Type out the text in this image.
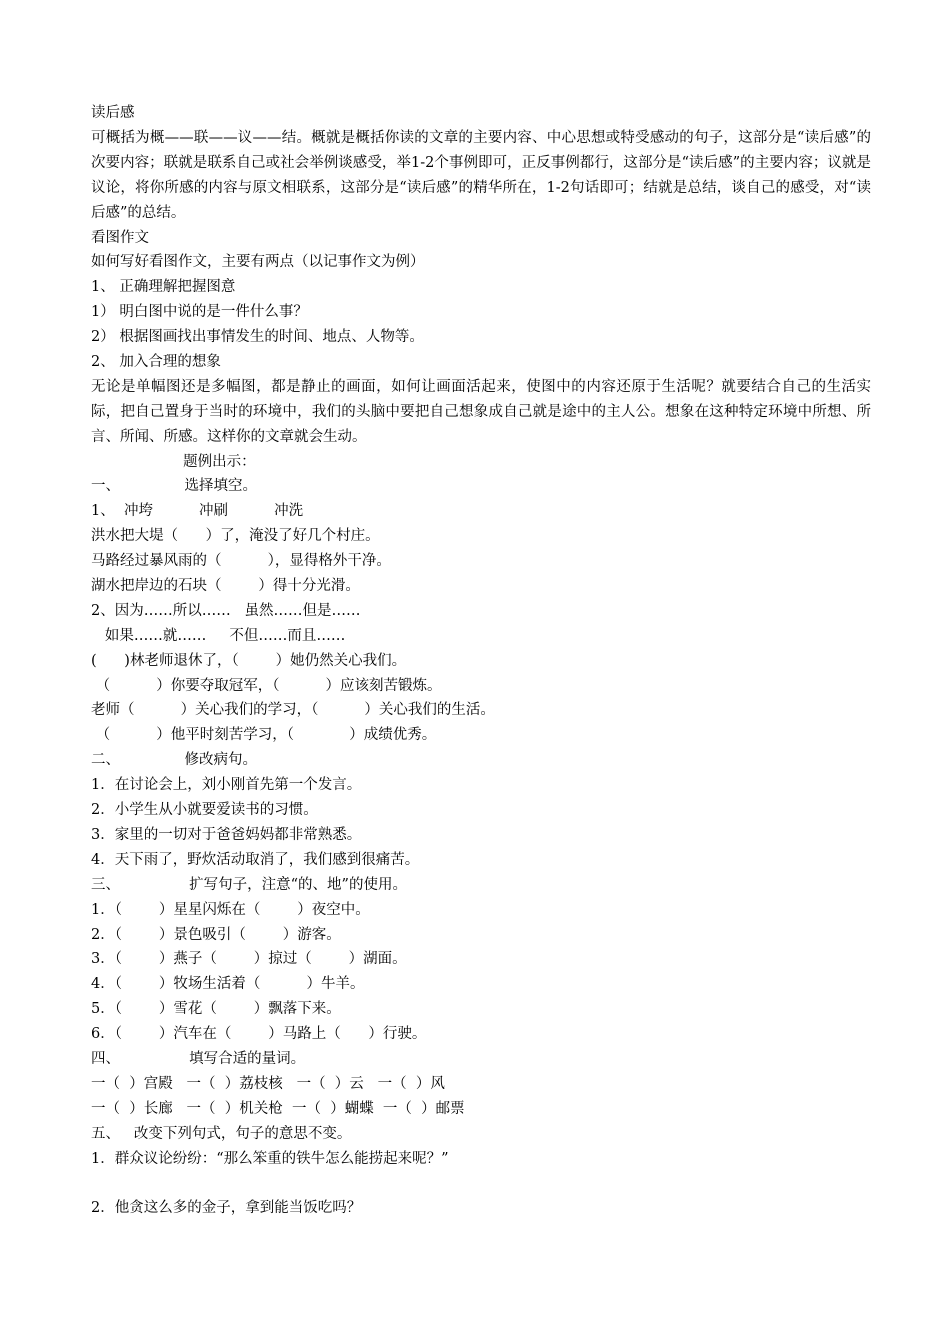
读后感
可概括为概——联——议——结。概就是概括你读的文章的主要内容、中心思想或特受感动的句子，这部分是“读后感”的次要内容；联就是联系自己或社会举例谈感受，举1-2个事例即可，正反事例都行，这部分是“读后感”的主要内容；议就是议论，将你所感的内容与原文相联系，这部分是“读后感”的精华所在，1-2句话即可；结就是总结，谈自己的感受，对“读后感”的总结。
看图作文
如何写好看图作文，主要有两点（以记事作文为例）
1、 正确理解把握图意
1） 明白图中说的是一件什么事？
2） 根据图画找出事情发生的时间、地点、人物等。
2、 加入合理的想象
无论是单幅图还是多幅图，都是静止的画面，如何让画面活起来，使图中的内容还原于生活呢？就要结合自己的生活实际，把自己置身于当时的环境中，我们的头脑中要把自己想象成自己就是途中的主人公。想象在这种特定环境中所想、所言、所闻、所感。这样你的文章就会生动。
题例出示：
一、              选择填空。
1、  冲垮          冲刷          冲洗
洪水把大堤（      ）了，淹没了好几个村庄。
马路经过暴风雨的（          ），显得格外干净。
湖水把岸边的石块（        ）得十分光滑。
2、因为……所以……   虽然……但是……
如果……就……     不但……而且……
(      )林老师退休了，（        ）她仍然关心我们。
（          ）你要夺取冠军，（          ）应该刻苦锻炼。
老师（          ）关心我们的学习，（          ）关心我们的生活。
（          ）他平时刻苦学习，（            ）成绩优秀。
二、              修改病句。
1．在讨论会上，刘小刚首先第一个发言。
2．小学生从小就要爱读书的习惯。
3．家里的一切对于爸爸妈妈都非常熟悉。
4．天下雨了，野炊活动取消了，我们感到很痛苦。
三、               扩写句子，注意“的、地”的使用。
1．（        ）星星闪烁在（        ）夜空中。
2．（        ）景色吸引（        ）游客。
3．（        ）燕子（        ）掠过（        ）湖面。
4．（        ）牧场生活着（          ）牛羊。
5．（        ）雪花（        ）飘落下来。
6．（        ）汽车在（        ）马路上（      ）行驶。
四、               填写合适的量词。
一（  ）宫殿   一（  ）荔枝核   一（  ）云   一（  ）风
一（  ）长廊   一（  ）机关枪  一（  ）蝴蝶  一（  ）邮票
五、   改变下列句式，句子的意思不变。
1．群众议论纷纷：“那么笨重的铁牛怎么能捞起来呢？”
2．他贪这么多的金子，拿到能当饭吃吗？
